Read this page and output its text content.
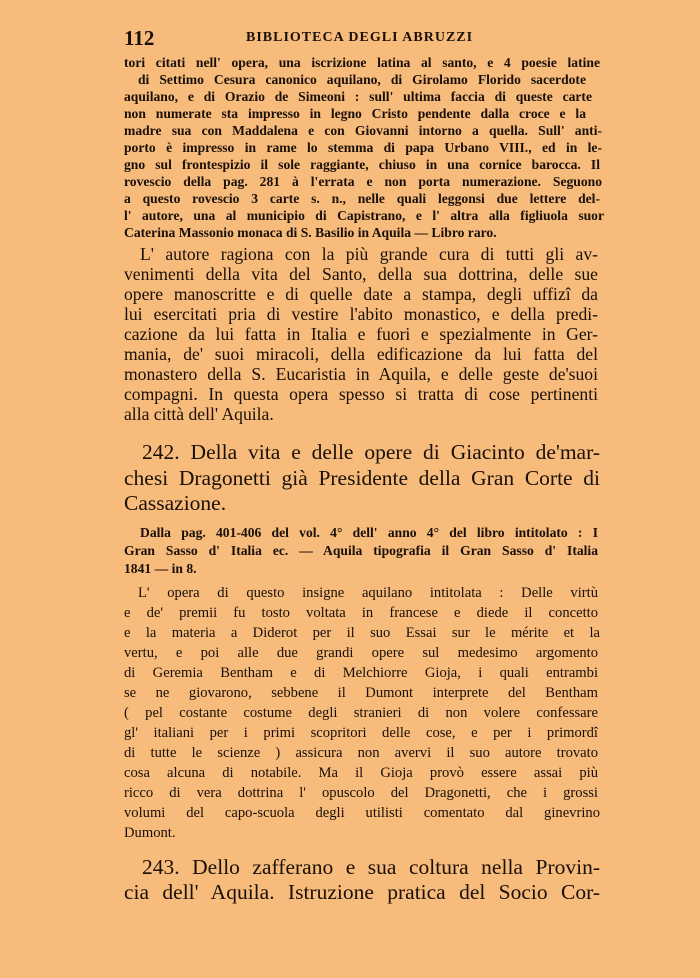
112	BIBLIOTECA DEGLI ABRUZZI
tori citati nell' opera, una iscrizione latina al santo, e 4 poesie latine
di Settimo Cesura canonico aquilano, di Girolamo Florido sacerdote
aquilano, e di Orazio de Simeoni : sull' ultima faccia di queste carte
non numerate sta impresso in legno Cristo pendente dalla croce e la
madre sua con Maddalena e con Giovanni intorno a quella. Sull' anti-
porto è impresso in rame lo stemma di papa Urbano VIII., ed in le-
gno sul frontespizio il sole raggiante, chiuso in una cornice barocca. Il
rovescio della pag. 281 à l'errata e non porta numerazione. Seguono
a questo rovescio 3 carte s. n., nelle quali leggonsi due lettere del-
l' autore, una al municipio di Capistrano, e l' altra alla figliuola suor
Caterina Massonio monaca di S. Basilio in Aquila — Libro raro.
L' autore ragiona con la più grande cura di tutti gli av-
venimenti della vita del Santo, della sua dottrina, delle sue
opere manoscritte e di quelle date a stampa, degli uffizî da
lui esercitati pria di vestire l'abito monastico, e della predi-
cazione da lui fatta in Italia e fuori e spezialmente in Ger-
mania, de' suoi miracoli, della edificazione da lui fatta del
monastero della S. Eucaristia in Aquila, e delle geste de'suoi
compagni. In questa opera spesso si tratta di cose pertinenti
alla città dell' Aquila.
242. Della vita e delle opere di Giacinto de'mar-
chesi Dragonetti già Presidente della Gran Corte di
Cassazione.
Dalla pag. 401-406 del vol. 4° dell' anno 4° del libro intitolato : I
Gran Sasso d' Italia ec. — Aquila tipografia il Gran Sasso d' Italia
1841 — in 8.
L' opera di questo insigne aquilano intitolata : Delle virtù
e de' premii fu tosto voltata in francese e diede il concetto
e la materia a Diderot per il suo Essai sur le mérite et la
vertu, e poi alle due grandi opere sul medesimo argomento
di Geremia Bentham e di Melchiorre Gioja, i quali entrambi
se ne giovarono, sebbene il Dumont interprete del Bentham
( pel costante costume degli stranieri di non volere confessare
gl' italiani per i primi scopritori delle cose, e per i primordî
di tutte le scienze ) assicura non avervi il suo autore trovato
cosa alcuna di notabile. Ma il Gioja provò essere assai più
ricco di vera dottrina l' opuscolo del Dragonetti, che i grossi
volumi del capo-scuola degli utilisti comentato dal ginevrino
Dumont.
243. Dello zafferano e sua coltura nella Provin-
cia dell' Aquila. Istruzione pratica del Socio Cor-
